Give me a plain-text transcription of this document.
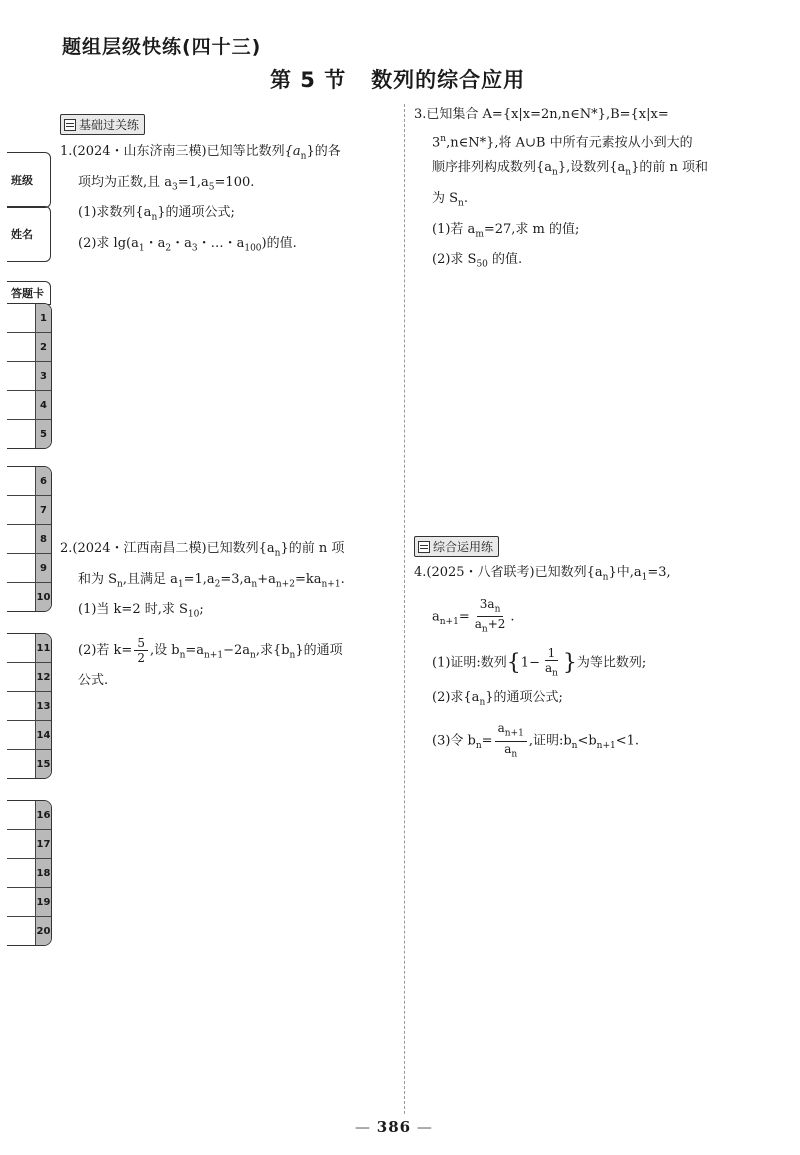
题组层级快练(四十三)
第 5 节   数列的综合应用
班级
姓名
答题卡
1
2
3
4
5
6
7
8
9
10
11
12
13
14
15
16
17
18
19
20
基础过关练

1.(2024・山东济南三模)已知等比数列$\{a_n\}$的各

项均为正数,且 $a_3=1,a_5=100$.

(1)求数列$\{a_n\}$的通项公式;

(2)求 $\lg(a_1$・$a_2$・$a_3$・…・$a_{100}$)的值.

2.(2024・江西南昌二模)已知数列$\{a_n\}$的前 n 项

和为 $S_n$,且满足 $a_1=1,a_2=3,a_n+a_{n+2}=ka_{n+1}$.

(1)当 k=2 时,求 $S_{10}$;

(2)若 $k= \frac{5}{2}$ ,设 $b_n=a_{n+1}-2a_n$,求$\{b_n\}$的通项

公式.

3.已知集合 A={x|x=2n,n∈N*},B={x|x=

3$^n$,n∈N*},将 A∪B 中所有元素按从小到大的

顺序排列构成数列$\{a_n\}$,设数列$\{a_n\}$的前 n 项和

为 $S_n$.

(1)若 $a_m=27$,求 m 的值;

(2)求 $S_{50}$ 的值.

综合运用练

4.(2025・八省联考)已知数列$\{a_n\}$中$,a_1=3$,

$a_{n+1}= \frac{3a_n}{a_n+2}$ .

(1)证明:数列{$1- \frac{1}{a_n}$ }为等比数列;

(2)求$\{a_n\}$的通项公式;

(3)令 $b_n= \frac{a_{n+1}}{a_n}$ ,证明$:b_n<b_{n+1}<1$.

— 386 —
